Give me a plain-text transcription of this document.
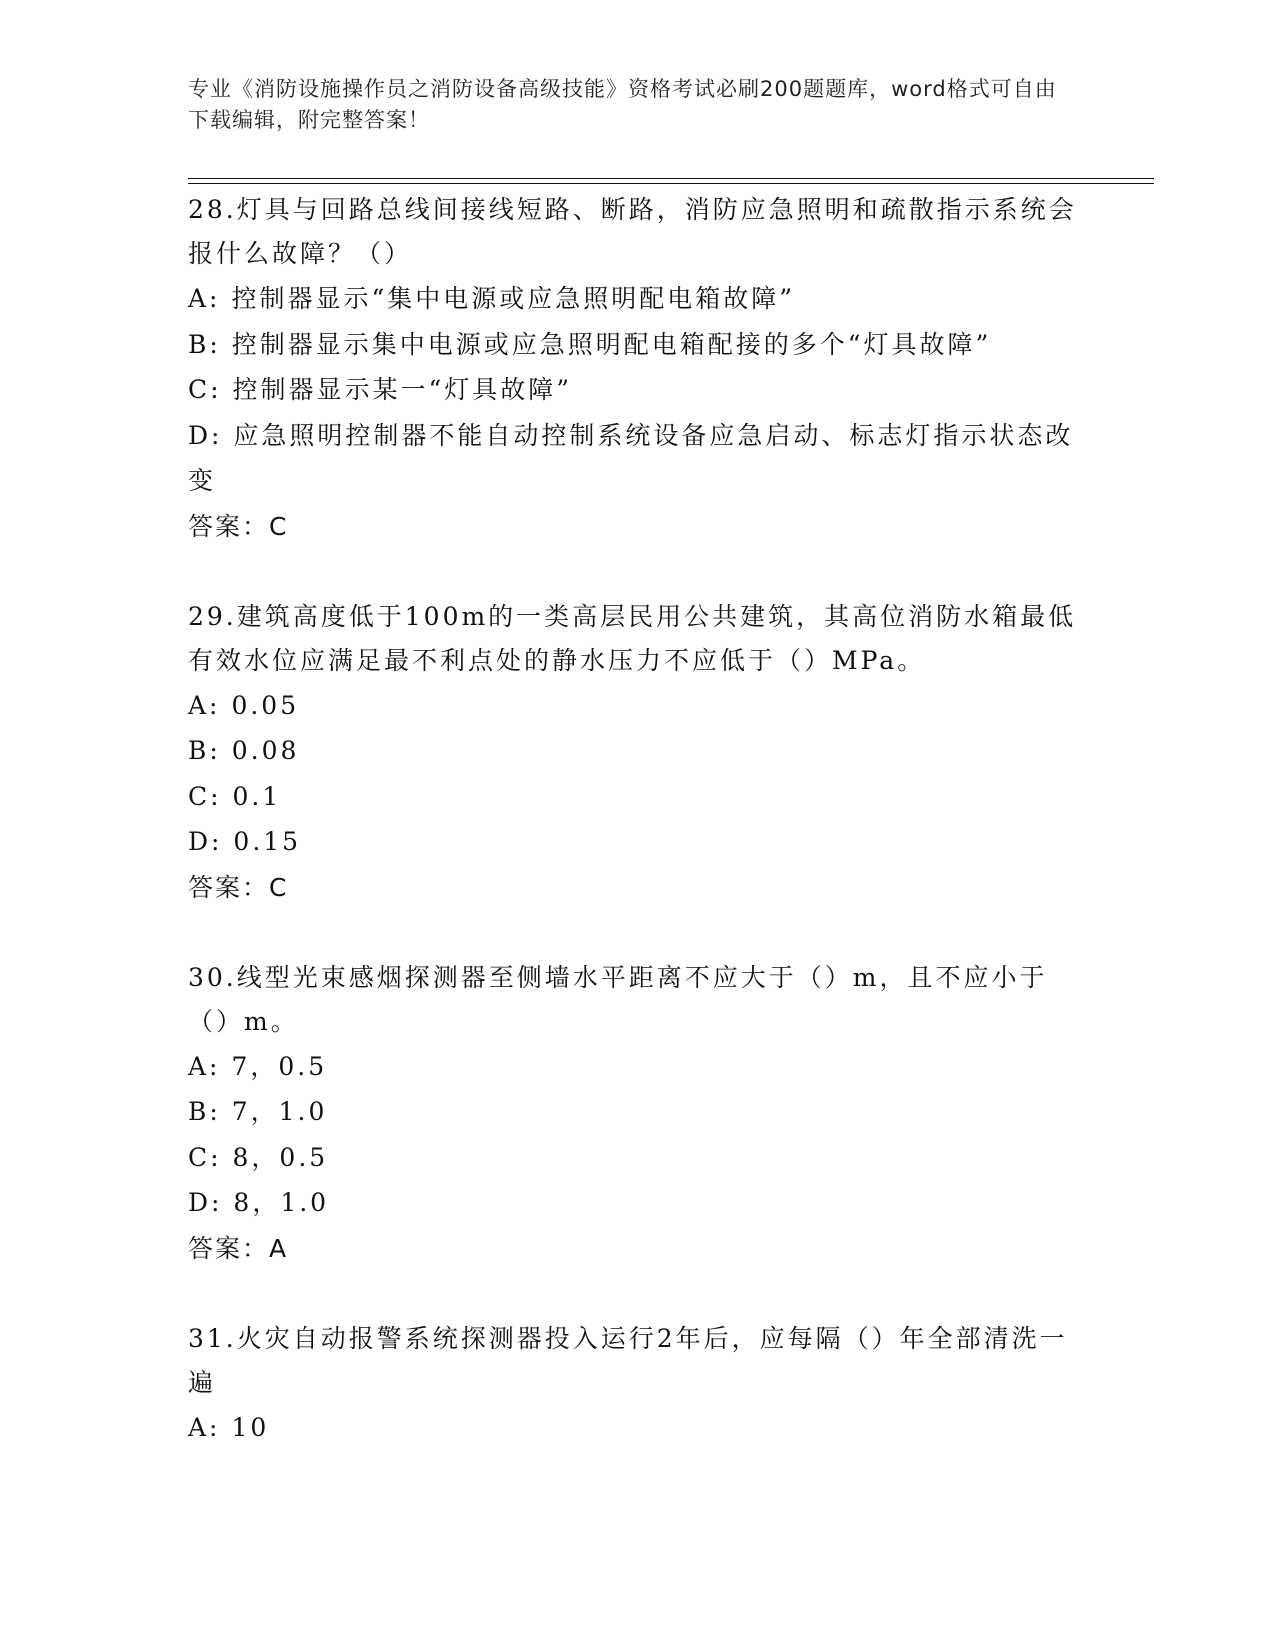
专业《消防设施操作员之消防设备高级技能》资格考试必刷200题题库，word格式可自由下载编辑，附完整答案！

28.灯具与回路总线间接线短路、断路，消防应急照明和疏散指示系统会报什么故障？（）

A: 控制器显示“集中电源或应急照明配电箱故障”
B: 控制器显示集中电源或应急照明配电箱配接的多个“灯具故障”
C: 控制器显示某一“灯具故障”
D: 应急照明控制器不能自动控制系统设备应急启动、标志灯指示状态改变

答案：C

29.建筑高度低于100m的一类高层民用公共建筑，其高位消防水箱最低有效水位应满足最不利点处的静水压力不应低于（）MPa。

A: 0.05
B: 0.08
C: 0.1
D: 0.15

答案：C

30.线型光束感烟探测器至侧墙水平距离不应大于（）m，且不应小于（）m。

A: 7，0.5
B: 7，1.0
C: 8，0.5
D: 8，1.0

答案：A

31.火灾自动报警系统探测器投入运行2年后，应每隔（）年全部清洗一遍

A: 10
